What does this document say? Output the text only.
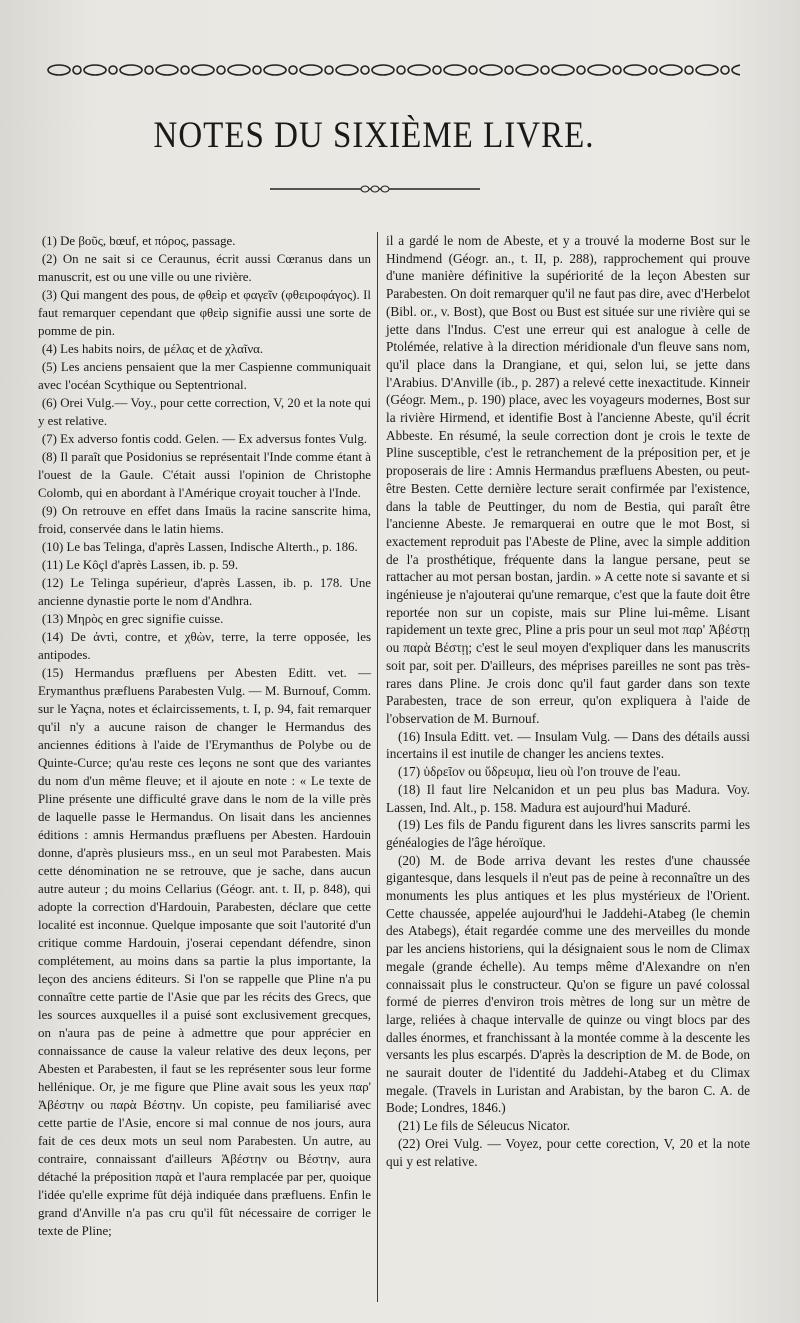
NOTES DU SIXIÈME LIVRE.

(1) De βοῦς, bœuf, et πόρος, passage.

(2) On ne sait si ce Ceraunus, écrit aussi Cœranus dans un manuscrit, est ou une ville ou une rivière.

(3) Qui mangent des pous, de φθεὶρ et φαγεῖν (φθειροφάγος). Il faut remarquer cependant que φθεὶρ signifie aussi une sorte de pomme de pin.

(4) Les habits noirs, de μέλας et de χλαῖνα.

(5) Les anciens pensaient que la mer Caspienne communiquait avec l'océan Scythique ou Septentrional.

(6) Orei Vulg.— Voy., pour cette correction, V, 20 et la note qui y est relative.

(7) Ex adverso fontis codd. Gelen. — Ex adversus fontes Vulg.

(8) Il paraît que Posidonius se représentait l'Inde comme étant à l'ouest de la Gaule. C'était aussi l'opinion de Christophe Colomb, qui en abordant à l'Amérique croyait toucher à l'Inde.

(9) On retrouve en effet dans Imaüs la racine sanscrite hima, froid, conservée dans le latin hiems.

(10) Le bas Telinga, d'après Lassen, Indische Alterth., p. 186.

(11) Le Kôçl d'après Lassen, ib. p. 59.

(12) Le Telinga supérieur, d'après Lassen, ib. p. 178. Une ancienne dynastie porte le nom d'Andhra.

(13) Μηρὸς en grec signifie cuisse.

(14) De ἀντὶ, contre, et χθὼν, terre, la terre opposée, les antipodes.

(15) Hermandus præfluens per Abesten Editt. vet. — Erymanthus præfluens Parabesten Vulg. — M. Burnouf, Comm. sur le Yaçna, notes et éclaircissements, t. I, p. 94, fait remarquer qu'il n'y a aucune raison de changer le Hermandus des anciennes éditions à l'aide de l'Erymanthus de Polybe ou de Quinte-Curce; qu'au reste ces leçons ne sont que des variantes du nom d'un même fleuve; et il ajoute en note : « Le texte de Pline présente une difficulté grave dans le nom de la ville près de laquelle passe le Hermandus. On lisait dans les anciennes éditions : amnis Hermandus præfluens per Abesten. Hardouin donne, d'après plusieurs mss., en un seul mot Parabesten. Mais cette dénomination ne se retrouve, que je sache, dans aucun autre auteur ; du moins Cellarius (Géogr. ant. t. II, p. 848), qui adopte la correction d'Hardouin, Parabesten, déclare que cette localité est inconnue. Quelque imposante que soit l'autorité d'un critique comme Hardouin, j'oserai cependant défendre, sinon complétement, au moins dans sa partie la plus importante, la leçon des anciens éditeurs. Si l'on se rappelle que Pline n'a pu connaître cette partie de l'Asie que par les récits des Grecs, que les sources auxquelles il a puisé sont exclusivement grecques, on n'aura pas de peine à admettre que pour apprécier en connaissance de cause la valeur relative des deux leçons, per Abesten et Parabesten, il faut se les représenter sous leur forme hellénique. Or, je me figure que Pline avait sous les yeux παρ' Ἀβέστην ou παρὰ Βέστην. Un copiste, peu familiarisé avec cette partie de l'Asie, encore si mal connue de nos jours, aura fait de ces deux mots un seul nom Parabesten. Un autre, au contraire, connaissant d'ailleurs Ἀβέστην ou Βέστην, aura détaché la préposition παρὰ et l'aura remplacée par per, quoique l'idée qu'elle exprime fût déjà indiquée dans præfluens. Enfin le grand d'Anville n'a pas cru qu'il fût nécessaire de corriger le texte de Pline;

il a gardé le nom de Abeste, et y a trouvé la moderne Bost sur le Hindmend (Géogr. an., t. II, p. 288), rapprochement qui prouve d'une manière définitive la supériorité de la leçon Abesten sur Parabesten. On doit remarquer qu'il ne faut pas dire, avec d'Herbelot (Bibl. or., v. Bost), que Bost ou Bust est située sur une rivière qui se jette dans l'Indus. C'est une erreur qui est analogue à celle de Ptolémée, relative à la direction méridionale d'un fleuve sans nom, qu'il place dans la Drangiane, et qui, selon lui, se jette dans l'Arabius. D'Anville (ib., p. 287) a relevé cette inexactitude. Kinneir (Géogr. Mem., p. 190) place, avec les voyageurs modernes, Bost sur la rivière Hirmend, et identifie Bost à l'ancienne Abeste, qu'il écrit Abbeste. En résumé, la seule correction dont je crois le texte de Pline susceptible, c'est le retranchement de la préposition per, et je proposerais de lire : Amnis Hermandus præfluens Abesten, ou peut-être Besten. Cette dernière lecture serait confirmée par l'existence, dans la table de Peuttinger, du nom de Bestia, qui paraît être l'ancienne Abeste. Je remarquerai en outre que le mot Bost, si exactement reproduit pas l'Abeste de Pline, avec la simple addition de l'a prosthétique, fréquente dans la langue persane, peut se rattacher au mot persan bostan, jardin. » A cette note si savante et si ingénieuse je n'ajouterai qu'une remarque, c'est que la faute doit être reportée non sur un copiste, mais sur Pline lui-même. Lisant rapidement un texte grec, Pline a pris pour un seul mot παρ' Ἀβέστῃ ou παρὰ Βέστῃ; c'est le seul moyen d'expliquer dans les manuscrits soit par, soit per. D'ailleurs, des méprises pareilles ne sont pas très-rares dans Pline. Je crois donc qu'il faut garder dans son texte Parabesten, trace de son erreur, qu'on expliquera à l'aide de l'observation de M. Burnouf.

(16) Insula Editt. vet. — Insulam Vulg. — Dans des détails aussi incertains il est inutile de changer les anciens textes.

(17) ὑδρεῖον ou ὕδρευμα, lieu où l'on trouve de l'eau.

(18) Il faut lire Nelcanidon et un peu plus bas Madura. Voy. Lassen, Ind. Alt., p. 158. Madura est aujourd'hui Maduré.

(19) Les fils de Pandu figurent dans les livres sanscrits parmi les généalogies de l'âge héroïque.

(20) M. de Bode arriva devant les restes d'une chaussée gigantesque, dans lesquels il n'eut pas de peine à reconnaître un des monuments les plus antiques et les plus mystérieux de l'Orient. Cette chaussée, appelée aujourd'hui le Jaddehi-Atabeg (le chemin des Atabegs), était regardée comme une des merveilles du monde par les anciens historiens, qui la désignaient sous le nom de Climax megale (grande échelle). Au temps même d'Alexandre on n'en connaissait plus le constructeur. Qu'on se figure un pavé colossal formé de pierres d'environ trois mètres de long sur un mètre de large, reliées à chaque intervalle de quinze ou vingt blocs par des dalles énormes, et franchissant à la montée comme à la descente les versants les plus escarpés. D'après la description de M. de Bode, on ne saurait douter de l'identité du Jaddehi-Atabeg et du Climax megale. (Travels in Luristan and Arabistan, by the baron C. A. de Bode; Londres, 1846.)

(21) Le fils de Séleucus Nicator.

(22) Orei Vulg. — Voyez, pour cette corection, V, 20 et la note qui y est relative.
